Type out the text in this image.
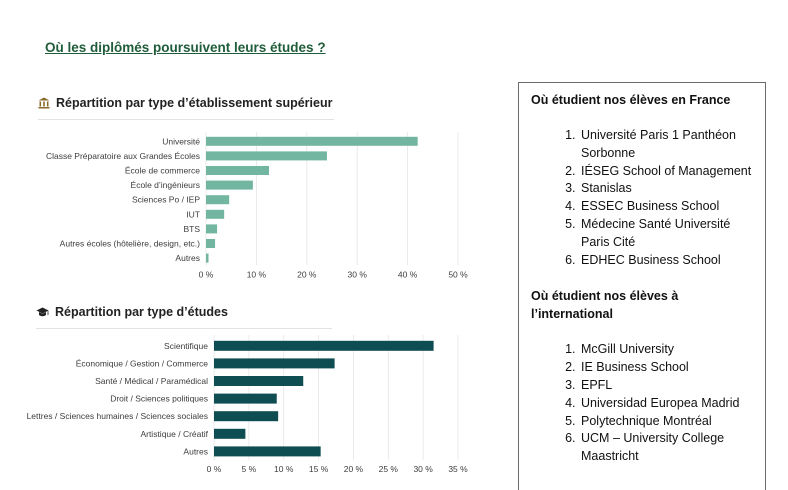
Où les diplômés poursuivent leurs études ?
Répartition par type d’établissement supérieur
0 %	10 %	20 %	30 %	40 %	50 %
Université
Classe Préparatoire aux Grandes Écoles
École de commerce
École d’ingénieurs
Sciences Po / IEP
IUT
BTS
Autres écoles (hôtelière, design, etc.)
Autres
Répartition par type d’études
0 % 5 % 10 % 15 % 20 % 25 % 30 % 35 %
Scientifique
Économique / Gestion / Commerce
Santé / Médical / Paramédical
Droit / Sciences politiques
Lettres / Sciences humaines / Sciences sociales
Artistique / Créatif
Autres

Où étudient nos élèves en France

1. Université Paris 1 Panthéon Sorbonne
2. IÉSEG School of Management
3. Stanislas
4. ESSEC Business School
5. Médecine Santé Université Paris Cité
6. EDHEC Business School

Où étudient nos élèves à l’international

1. McGill University
2. IE Business School
3. EPFL
4. Universidad Europea Madrid
5. Polytechnique Montréal
6. UCM – University College Maastricht
